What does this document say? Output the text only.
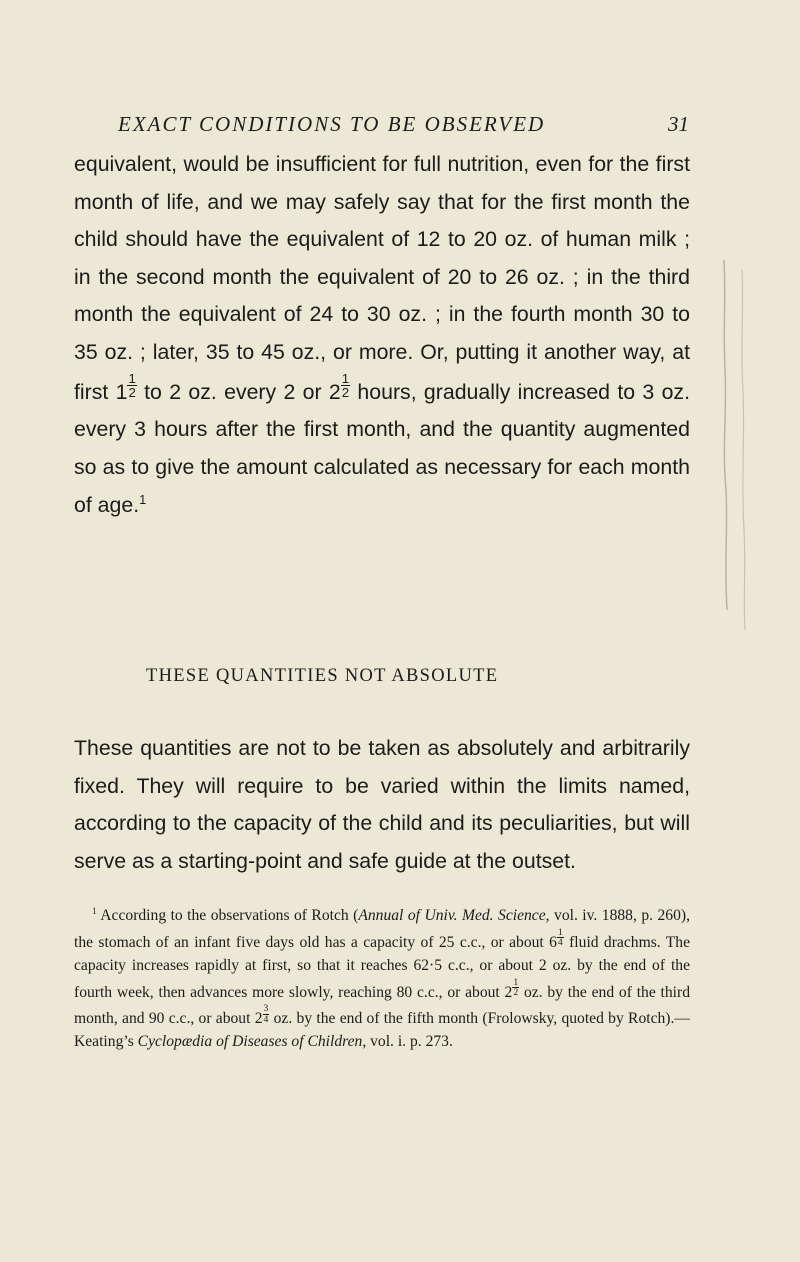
EXACT CONDITIONS TO BE OBSERVED	31
equivalent, would be insufficient for full nutrition, even for the first month of life, and we may safely say that for the first month the child should have the equivalent of 12 to 20 oz. of human milk ; in the second month the equivalent of 20 to 26 oz. ; in the third month the equivalent of 24 to 30 oz. ; in the fourth month 30 to 35 oz. ; later, 35 to 45 oz., or more. Or, putting it another way, at first $1 \frac{1}{2}$ to 2 oz. every 2 or $2 \frac{1}{2}$ hours, gradually increased to 3 oz. every 3 hours after the first month, and the quantity augmented so as to give the amount calculated as necessary for each month of age.$^1$
THESE QUANTITIES NOT ABSOLUTE
These quantities are not to be taken as absolutely and arbitrarily fixed. They will require to be varied within the limits named, according to the capacity of the child and its peculiarities, but will serve as a starting-point and safe guide at the outset.
$^1$ According to the observations of Rotch (Annual of Univ. Med. Science, vol. iv. 1888, p. 260), the stomach of an infant five days old has a capacity of 25 c.c., or about $6 \frac{1}{4}$ fluid drachms. The capacity increases rapidly at first, so that it reaches 62·5 c.c., or about 2 oz. by the end of the fourth week, then advances more slowly, reaching 80 c.c., or about $2 \frac{1}{2}$ oz. by the end of the third month, and 90 c.c., or about $2 \frac{3}{4}$ oz. by the end of the fifth month (Frolowsky, quoted by Rotch).— Keating’s Cyclopædia of Diseases of Children, vol. i. p. 273.
